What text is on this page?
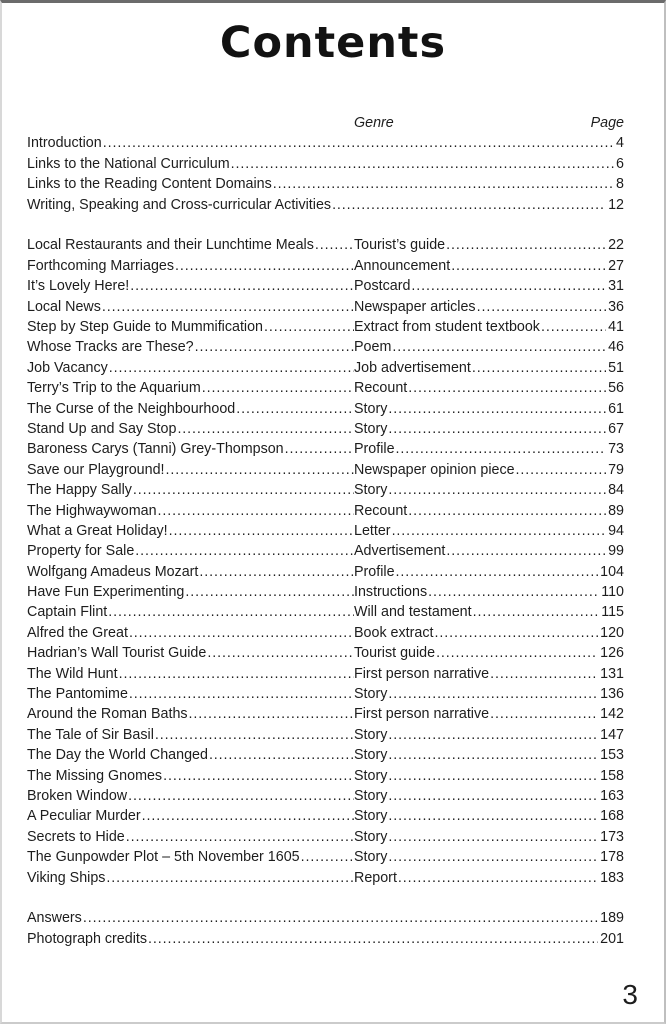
Contents
Genre	Page
Introduction .....	4
Links to the National Curriculum .....	6
Links to the Reading Content Domains .....	8
Writing, Speaking and Cross-curricular Activities .....	12
Local Restaurants and their Lunchtime Meals .....	Tourist’s guide .....	22
Forthcoming Marriages .....	Announcement .....	27
It’s Lovely Here! .....	Postcard .....	31
Local News .....	Newspaper articles .....	36
Step by Step Guide to Mummification .....	Extract from student textbook .....	41
Whose Tracks are These? .....	Poem .....	46
Job Vacancy .....	Job advertisement .....	51
Terry’s Trip to the Aquarium .....	Recount .....	56
The Curse of the Neighbourhood .....	Story .....	61
Stand Up and Say Stop .....	Story .....	67
Baroness Carys (Tanni) Grey-Thompson .....	Profile .....	73
Save our Playground! .....	Newspaper opinion piece .....	79
The Happy Sally .....	Story .....	84
The Highwaywoman .....	Recount .....	89
What a Great Holiday! .....	Letter .....	94
Property for Sale .....	Advertisement .....	99
Wolfgang Amadeus Mozart .....	Profile .....	104
Have Fun Experimenting .....	Instructions .....	110
Captain Flint .....	Will and testament .....	115
Alfred the Great .....	Book extract .....	120
Hadrian’s Wall Tourist Guide .....	Tourist guide .....	126
The Wild Hunt .....	First person narrative .....	131
The Pantomime .....	Story .....	136
Around the Roman Baths .....	First person narrative .....	142
The Tale of Sir Basil .....	Story .....	147
The Day the World Changed .....	Story .....	153
The Missing Gnomes .....	Story .....	158
Broken Window .....	Story .....	163
A Peculiar Murder .....	Story .....	168
Secrets to Hide .....	Story .....	173
The Gunpowder Plot – 5th November 1605 .....	Story .....	178
Viking Ships .....	Report .....	183
Answers .....	189
Photograph credits .....	201
3
